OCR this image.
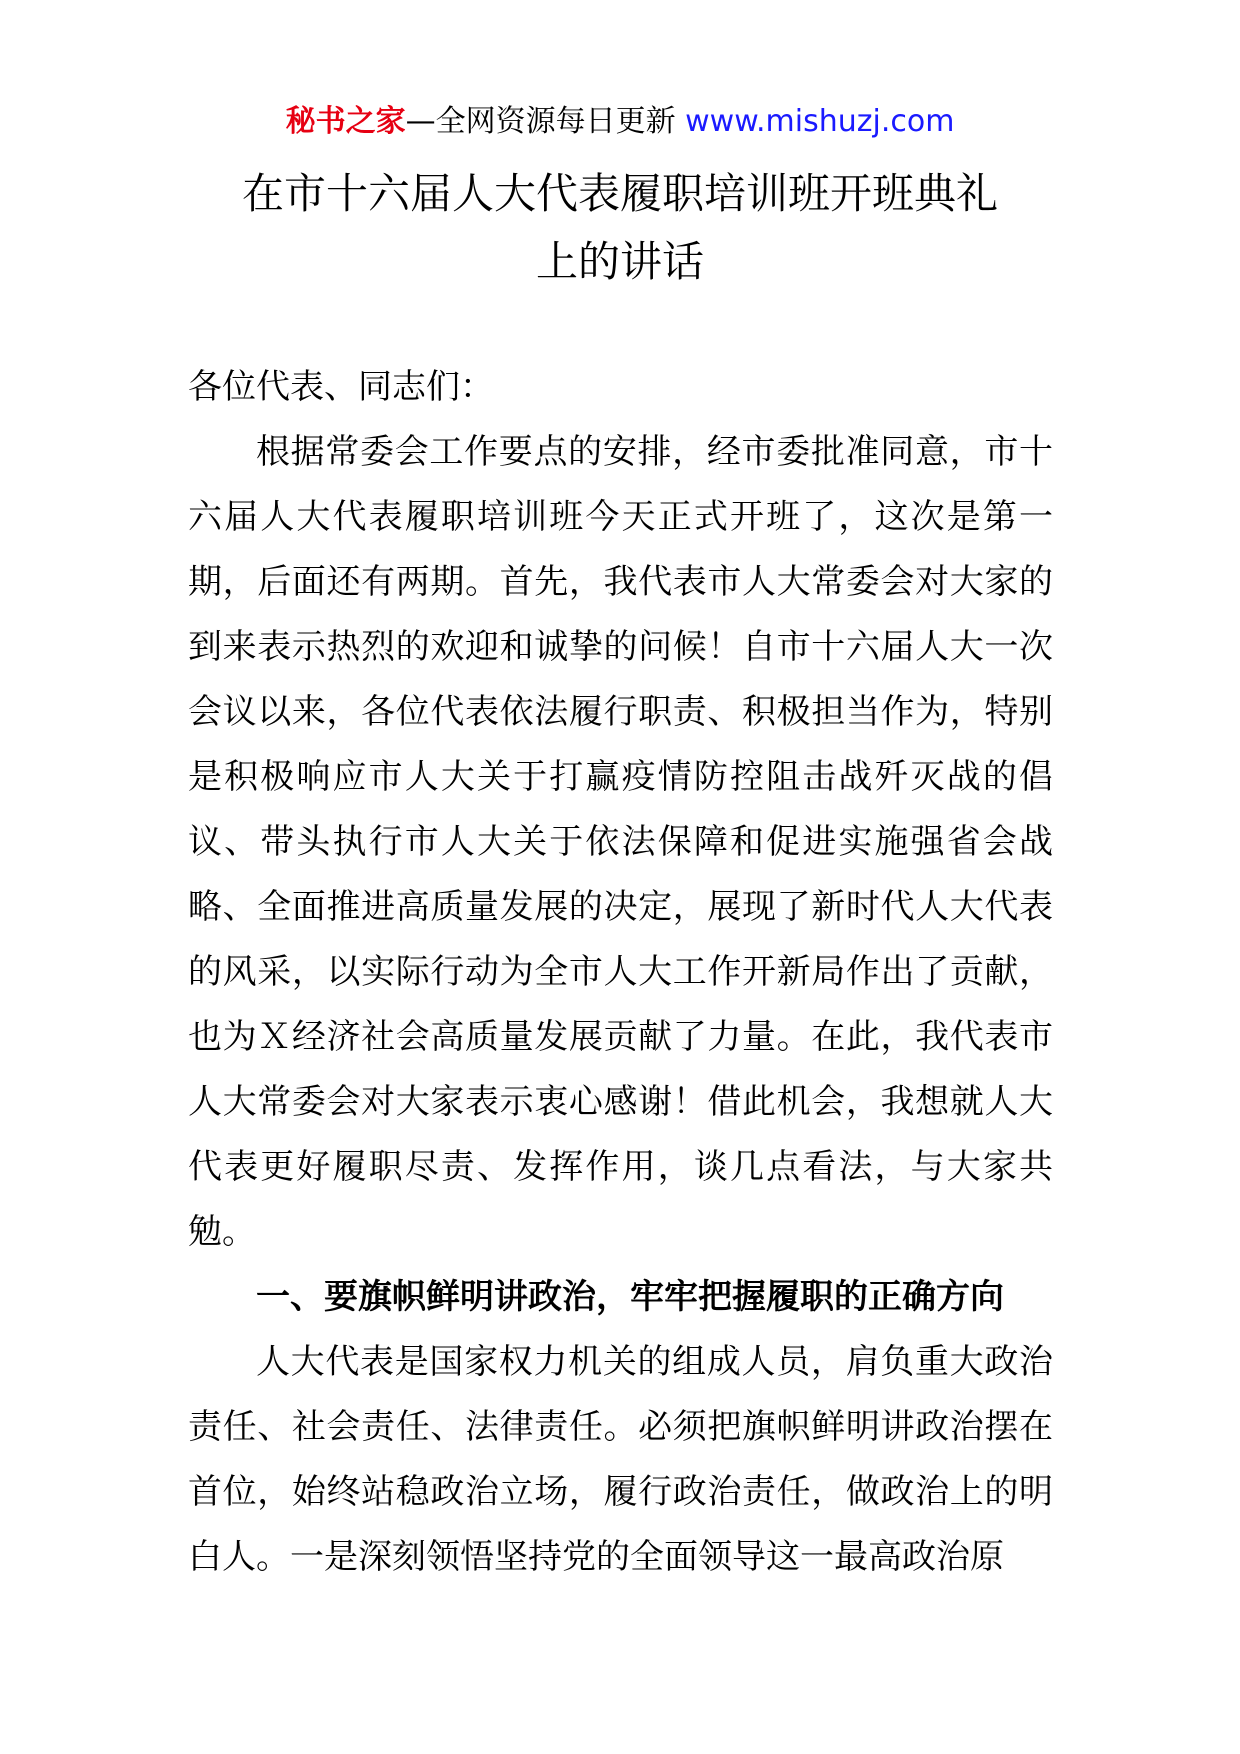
秘书之家—全网资源每日更新 www.mishuzj.com
在市十六届人大代表履职培训班开班典礼
上的讲话

各位代表、同志们：

根据常委会工作要点的安排，经市委批准同意，市十六届人大代表履职培训班今天正式开班了，这次是第一期，后面还有两期。首先，我代表市人大常委会对大家的到来表示热烈的欢迎和诚挚的问候！自市十六届人大一次会议以来，各位代表依法履行职责、积极担当作为，特别是积极响应市人大关于打赢疫情防控阻击战歼灭战的倡议、带头执行市人大关于依法保障和促进实施强省会战略、全面推进高质量发展的决定，展现了新时代人大代表的风采，以实际行动为全市人大工作开新局作出了贡献，也为Ｘ经济社会高质量发展贡献了力量。在此，我代表市人大常委会对大家表示衷心感谢！借此机会，我想就人大代表更好履职尽责、发挥作用，谈几点看法，与大家共勉。

一、要旗帜鲜明讲政治，牢牢把握履职的正确方向

人大代表是国家权力机关的组成人员，肩负重大政治责任、社会责任、法律责任。必须把旗帜鲜明讲政治摆在首位，始终站稳政治立场，履行政治责任，做政治上的明白人。一是深刻领悟坚持党的全面领导这一最高政治原
